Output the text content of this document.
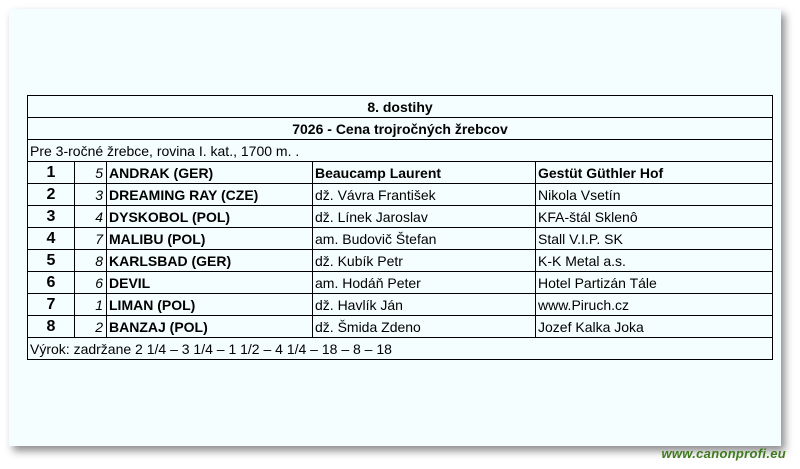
8. dostihy				
7026 - Cena trojročných žrebcov				
Pre 3-ročné žrebce, rovina I. kat., 1700 m. .				
1	5	ANDRAK (GER)	Beaucamp Laurent	Gestüt Güthler Hof
2	3	DREAMING RAY (CZE)	dž. Vávra František	Nikola Vsetín
3	4	DYSKOBOL (POL)	dž. Línek Jaroslav	KFA-štál Sklenô
4	7	MALIBU (POL)	am. Budovič Štefan	Stall V.I.P. SK
5	8	KARLSBAD (GER)	dž. Kubík Petr	K-K Metal a.s.
6	6	DEVIL	am. Hodáň Peter	Hotel Partizán Tále
7	1	LIMAN (POL)	dž. Havlík Ján	www.Piruch.cz
8	2	BANZAJ (POL)	dž. Šmida Zdeno	Jozef Kalka Joka
Výrok: zadržane 2 1/4 – 3 1/4 – 1 1/2 – 4 1/4 – 18 – 8 – 18				
www.canonprofi.eu
